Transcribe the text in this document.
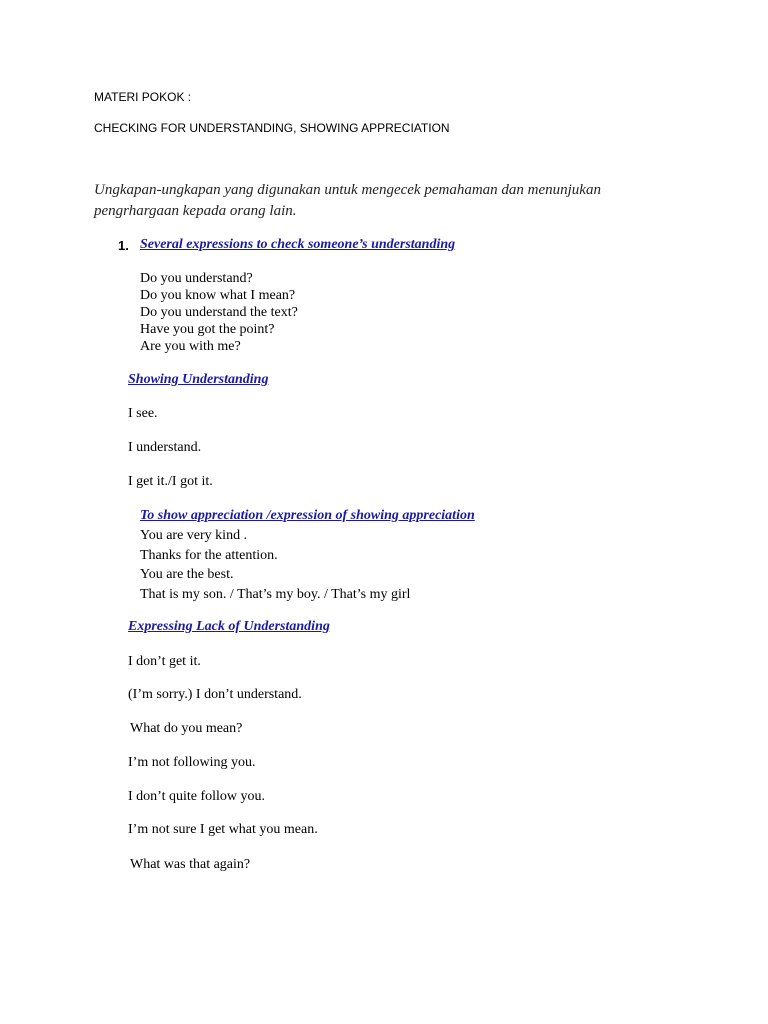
MATERI POKOK :
CHECKING FOR UNDERSTANDING, SHOWING APPRECIATION
Ungkapan-ungkapan yang digunakan untuk mengecek pemahaman dan menunjukan
pengrhargaan kepada orang lain.
1. Several expressions to check someone’s understanding
Do you understand?
Do you know what I mean?
Do you understand the text?
Have you got the point?
Are you with me?
Showing Understanding
I see.
I understand.
I get it./I got it.
To show appreciation /expression of showing appreciation
You are very kind .
Thanks for the attention.
You are the best.
That is my son. / That’s my boy. / That’s my girl
Expressing Lack of Understanding
I don’t get it.
(I’m sorry.) I don’t understand.
What do you mean?
I’m not following you.
I don’t quite follow you.
I’m not sure I get what you mean.
What was that again?
